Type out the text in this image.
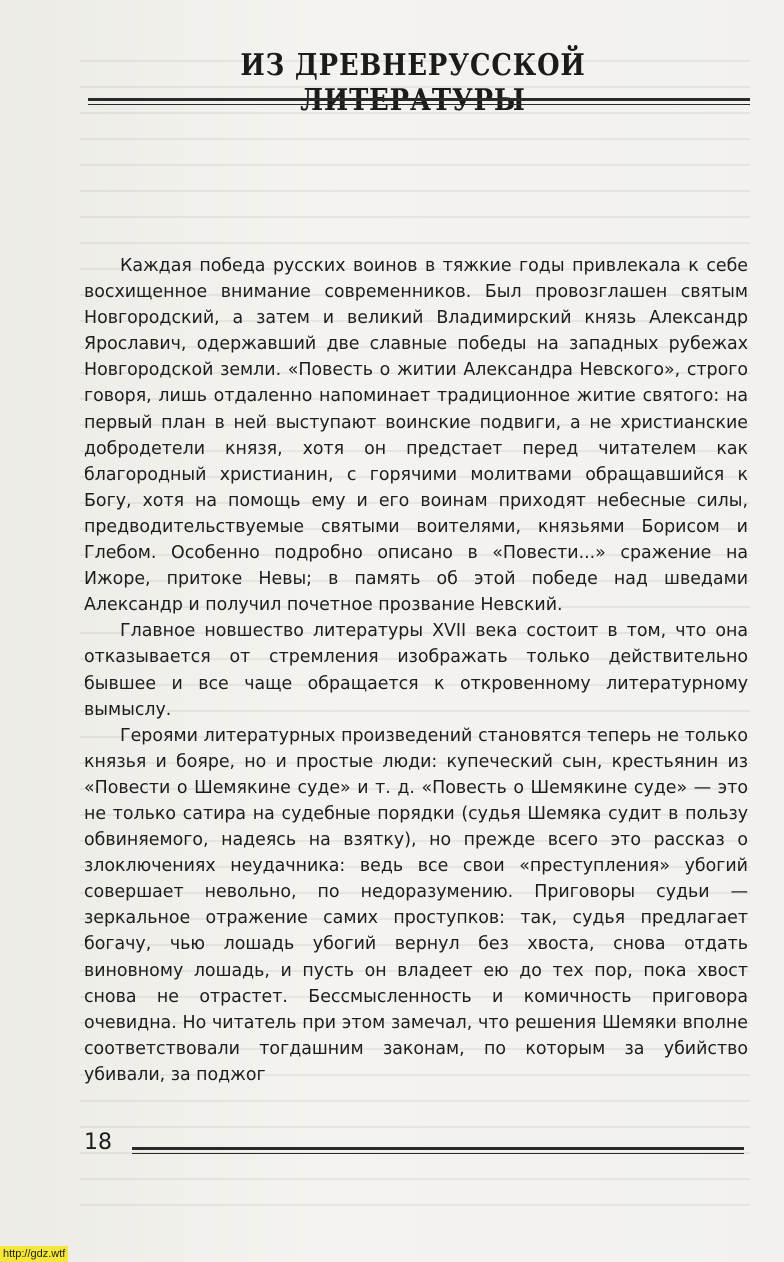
ИЗ ДРЕВНЕРУССКОЙ

Каждая победа русских воинов в тяжкие годы привлекала к себе восхищенное внимание современников. Был провозглашен святым Новгородский, а затем и великий Владимирский князь Александр Ярославич, одержавший две славные победы на западных рубежах Новгородской земли. «Повесть о житии Александра Невского», строго говоря, лишь отдаленно напоминает традиционное житие святого: на первый план в ней выступают воинские подвиги, а не христианские добродетели князя, хотя он предстает перед читателем как благородный христианин, с горячими молитвами обращавшийся к Богу, хотя на помощь ему и его воинам приходят небесные силы, предводительствуемые святыми воителями, князьями Борисом и Глебом. Особенно подробно описано в «Повести...» сражение на Ижоре, притоке Невы; в память об этой победе над шведами Александр и получил почетное прозвание Невский.

Главное новшество литературы XVII века состоит в том, что она отказывается от стремления изображать только действительно бывшее и все чаще обращается к откровенному литературному вымыслу.

Героями литературных произведений становятся теперь не только князья и бояре, но и простые люди: купеческий сын, крестьянин из «Повести о Шемякине суде» и т. д. «Повесть о Шемякине суде» — это не только сатира на судебные порядки (судья Шемяка судит в пользу обвиняемого, надеясь на взятку), но прежде всего это рассказ о злоключениях неудачника: ведь все свои «преступления» убогий совершает невольно, по недоразумению. Приговоры судьи — зеркальное отражение самих проступков: так, судья предлагает богачу, чью лошадь убогий вернул без хвоста, снова отдать виновному лошадь, и пусть он владеет ею до тех пор, пока хвост снова не отрастет. Бессмысленность и комичность приговора очевидна. Но читатель при этом замечал, что решения Шемяки вполне соответствовали тогдашним законам, по которым за убийство убивали, за поджог

18
http://gdz.wtf
